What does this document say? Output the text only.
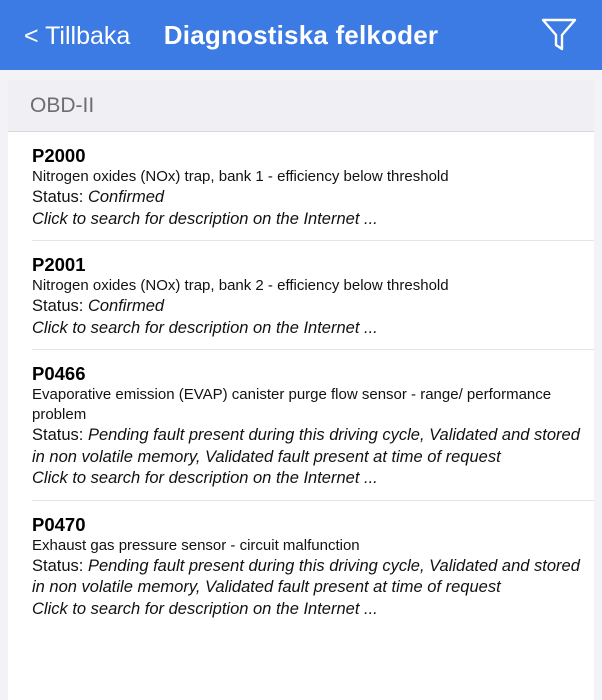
< Tillbaka	Diagnostiska felkoder
OBD-II
P2000
Nitrogen oxides (NOx) trap, bank 1 - efficiency below threshold
Status: Confirmed
Click to search for description on the Internet ...
P2001
Nitrogen oxides (NOx) trap, bank 2 - efficiency below threshold
Status: Confirmed
Click to search for description on the Internet ...
P0466
Evaporative emission (EVAP) canister purge flow sensor - range/ performance problem
Status: Pending fault present during this driving cycle, Validated and stored in non volatile memory, Validated fault present at time of request
Click to search for description on the Internet ...
P0470
Exhaust gas pressure sensor - circuit malfunction
Status: Pending fault present during this driving cycle, Validated and stored in non volatile memory, Validated fault present at time of request
Click to search for description on the Internet ...
